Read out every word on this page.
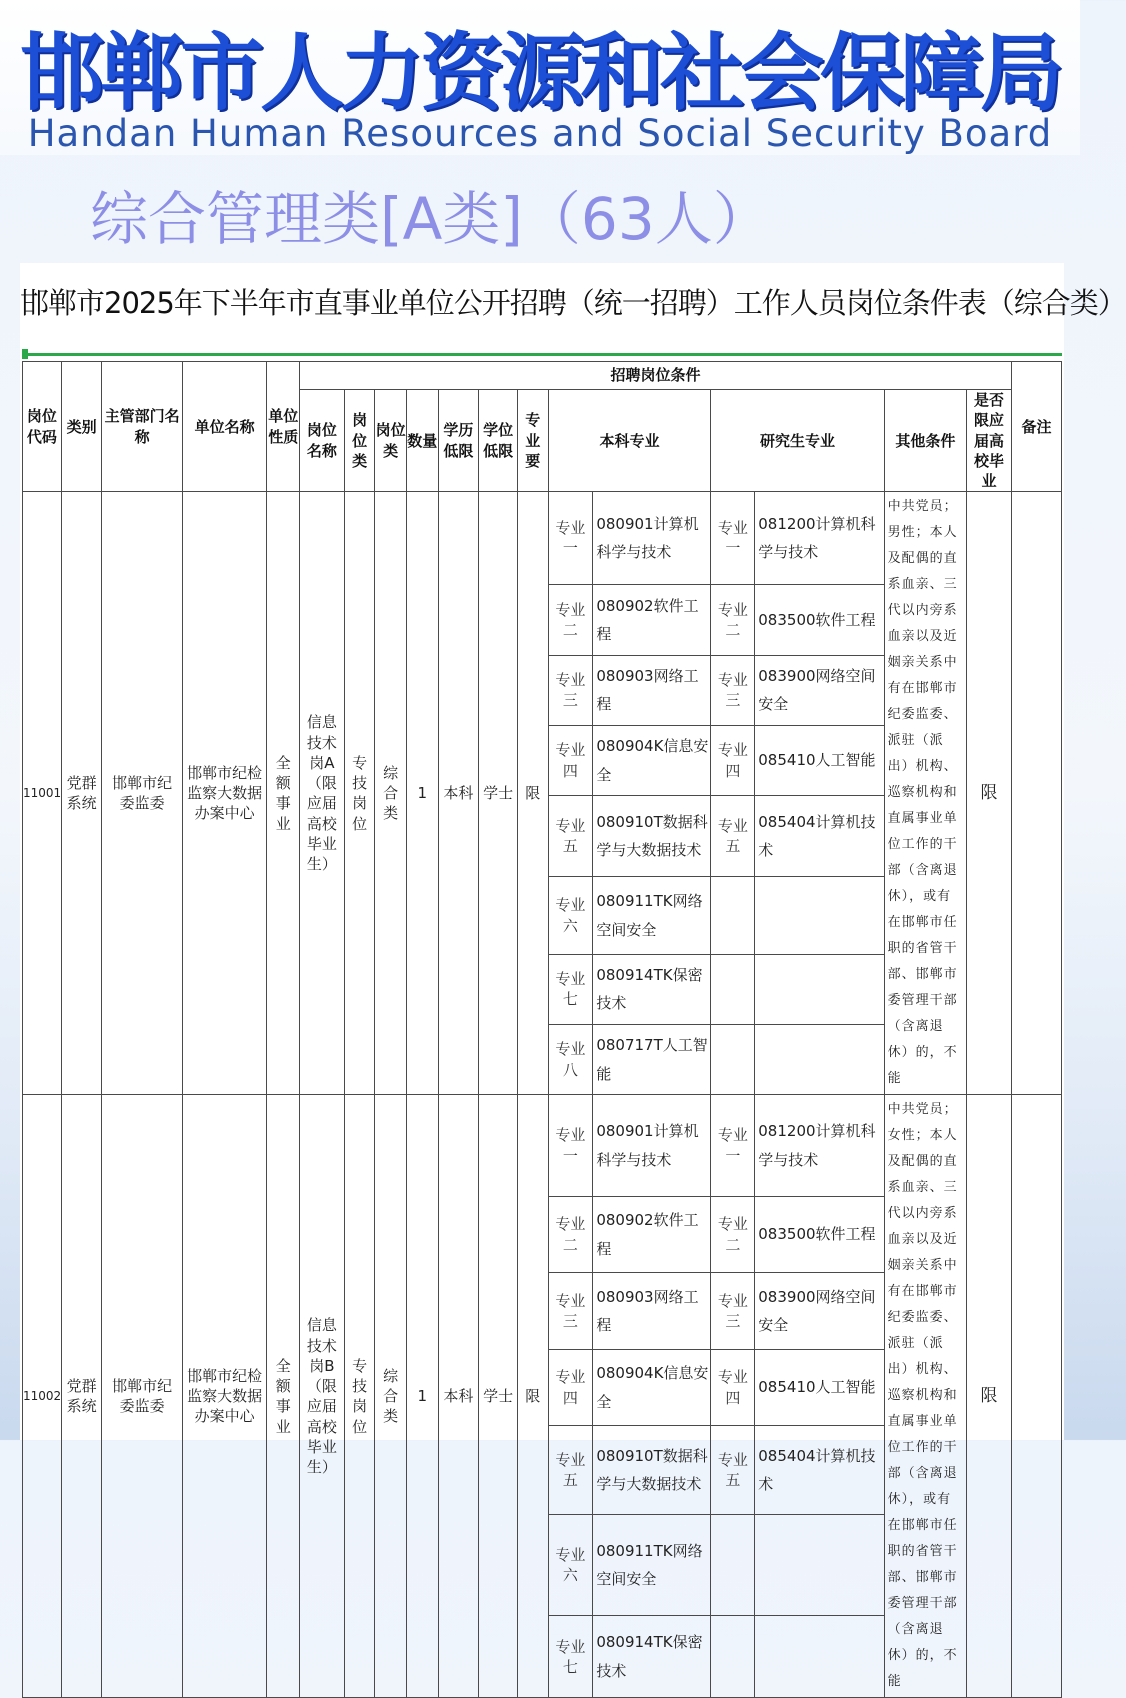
邯郸市人力资源和社会保障局
Handan Human Resources and Social Security Board
综合管理类[A类]（63人）
邯郸市2025年下半年市直事业单位公开招聘（统一招聘）工作人员岗位条件表（综合类）
岗位代码	类别	主管部门名称	单位名称	单位性质	招聘岗位条件													备注
					岗位名称	岗位类	岗位类	数量	学历低限	学位低限	专业要	本科专业		研究生专业		其他条件	是否限应届高校毕业	
11001	党群系统	邯郸市纪委监委	邯郸市纪检监察大数据办案中心	全额事业	信息技术岗A（限应届高校毕业生）	专技岗位	综合类	1	本科	学士	限	专业一	080901计算机科学与技术	专业一	081200计算机科学与技术	中共党员；男性；本人及配偶的直系血亲、三代以内旁系血亲以及近姻亲关系中有在邯郸市纪委监委、派驻（派出）机构、巡察机构和直属事业单位工作的干部（含离退休），或有在邯郸市任职的省管干部、邯郸市委管理干部（含离退休）的，不能	限	
												专业二	080902软件工程	专业二	083500软件工程			
												专业三	080903网络工程	专业三	083900网络空间安全			
												专业四	080904K信息安全	专业四	085410人工智能			
												专业五	080910T数据科学与大数据技术	专业五	085404计算机技术			
												专业六	080911TK网络空间安全					
												专业七	080914TK保密技术					
												专业八	080717T人工智能					
11002	党群系统	邯郸市纪委监委	邯郸市纪检监察大数据办案中心	全额事业	信息技术岗B（限应届高校毕业生）	专技岗位	综合类	1	本科	学士	限	专业一	080901计算机科学与技术	专业一	081200计算机科学与技术	中共党员；女性；本人及配偶的直系血亲、三代以内旁系血亲以及近姻亲关系中有在邯郸市纪委监委、派驻（派出）机构、巡察机构和直属事业单位工作的干部（含离退休），或有在邯郸市任职的省管干部、邯郸市委管理干部（含离退休）的，不能	限	
												专业二	080902软件工程	专业二	083500软件工程			
												专业三	080903网络工程	专业三	083900网络空间安全			
												专业四	080904K信息安全	专业四	085410人工智能			
												专业五	080910T数据科学与大数据技术	专业五	085404计算机技术			
												专业六	080911TK网络空间安全					
												专业七	080914TK保密技术					
